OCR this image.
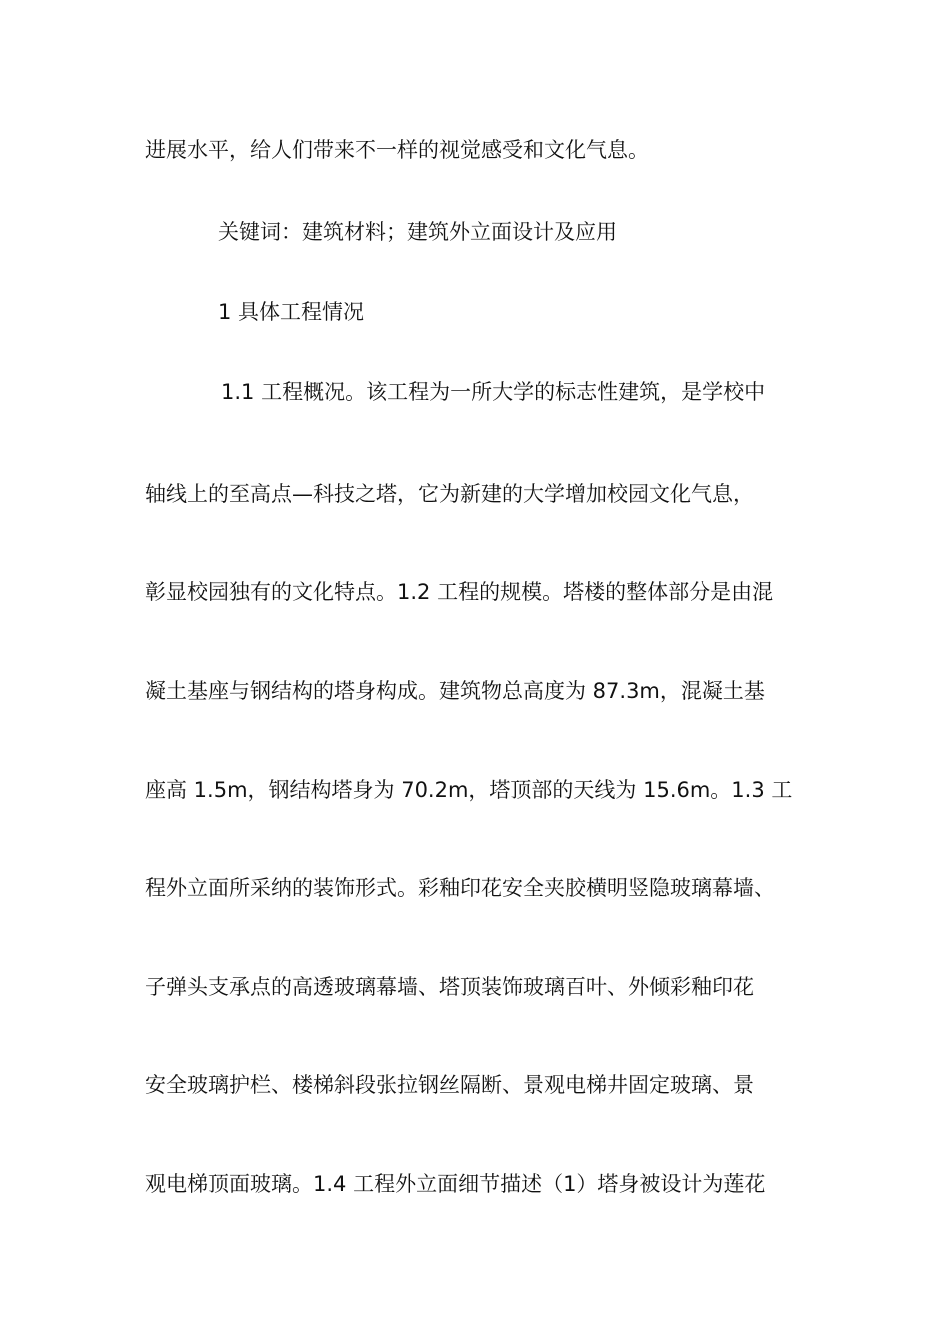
进展水平，给人们带来不一样的视觉感受和文化气息。
关键词：建筑材料；建筑外立面设计及应用
1 具体工程情况
1.1 工程概况。该工程为一所大学的标志性建筑，是学校中
轴线上的至高点—科技之塔，它为新建的大学增加校园文化气息，
彰显校园独有的文化特点。1.2 工程的规模。塔楼的整体部分是由混
凝土基座与钢结构的塔身构成。建筑物总高度为 87.3m，混凝土基
座高 1.5m，钢结构塔身为 70.2m，塔顶部的天线为 15.6m。1.3 工
程外立面所采纳的装饰形式。彩釉印花安全夹胶横明竖隐玻璃幕墙、
子弹头支承点的高透玻璃幕墙、塔顶装饰玻璃百叶、外倾彩釉印花
安全玻璃护栏、楼梯斜段张拉钢丝隔断、景观电梯井固定玻璃、景
观电梯顶面玻璃。1.4 工程外立面细节描述（1）塔身被设计为莲花
